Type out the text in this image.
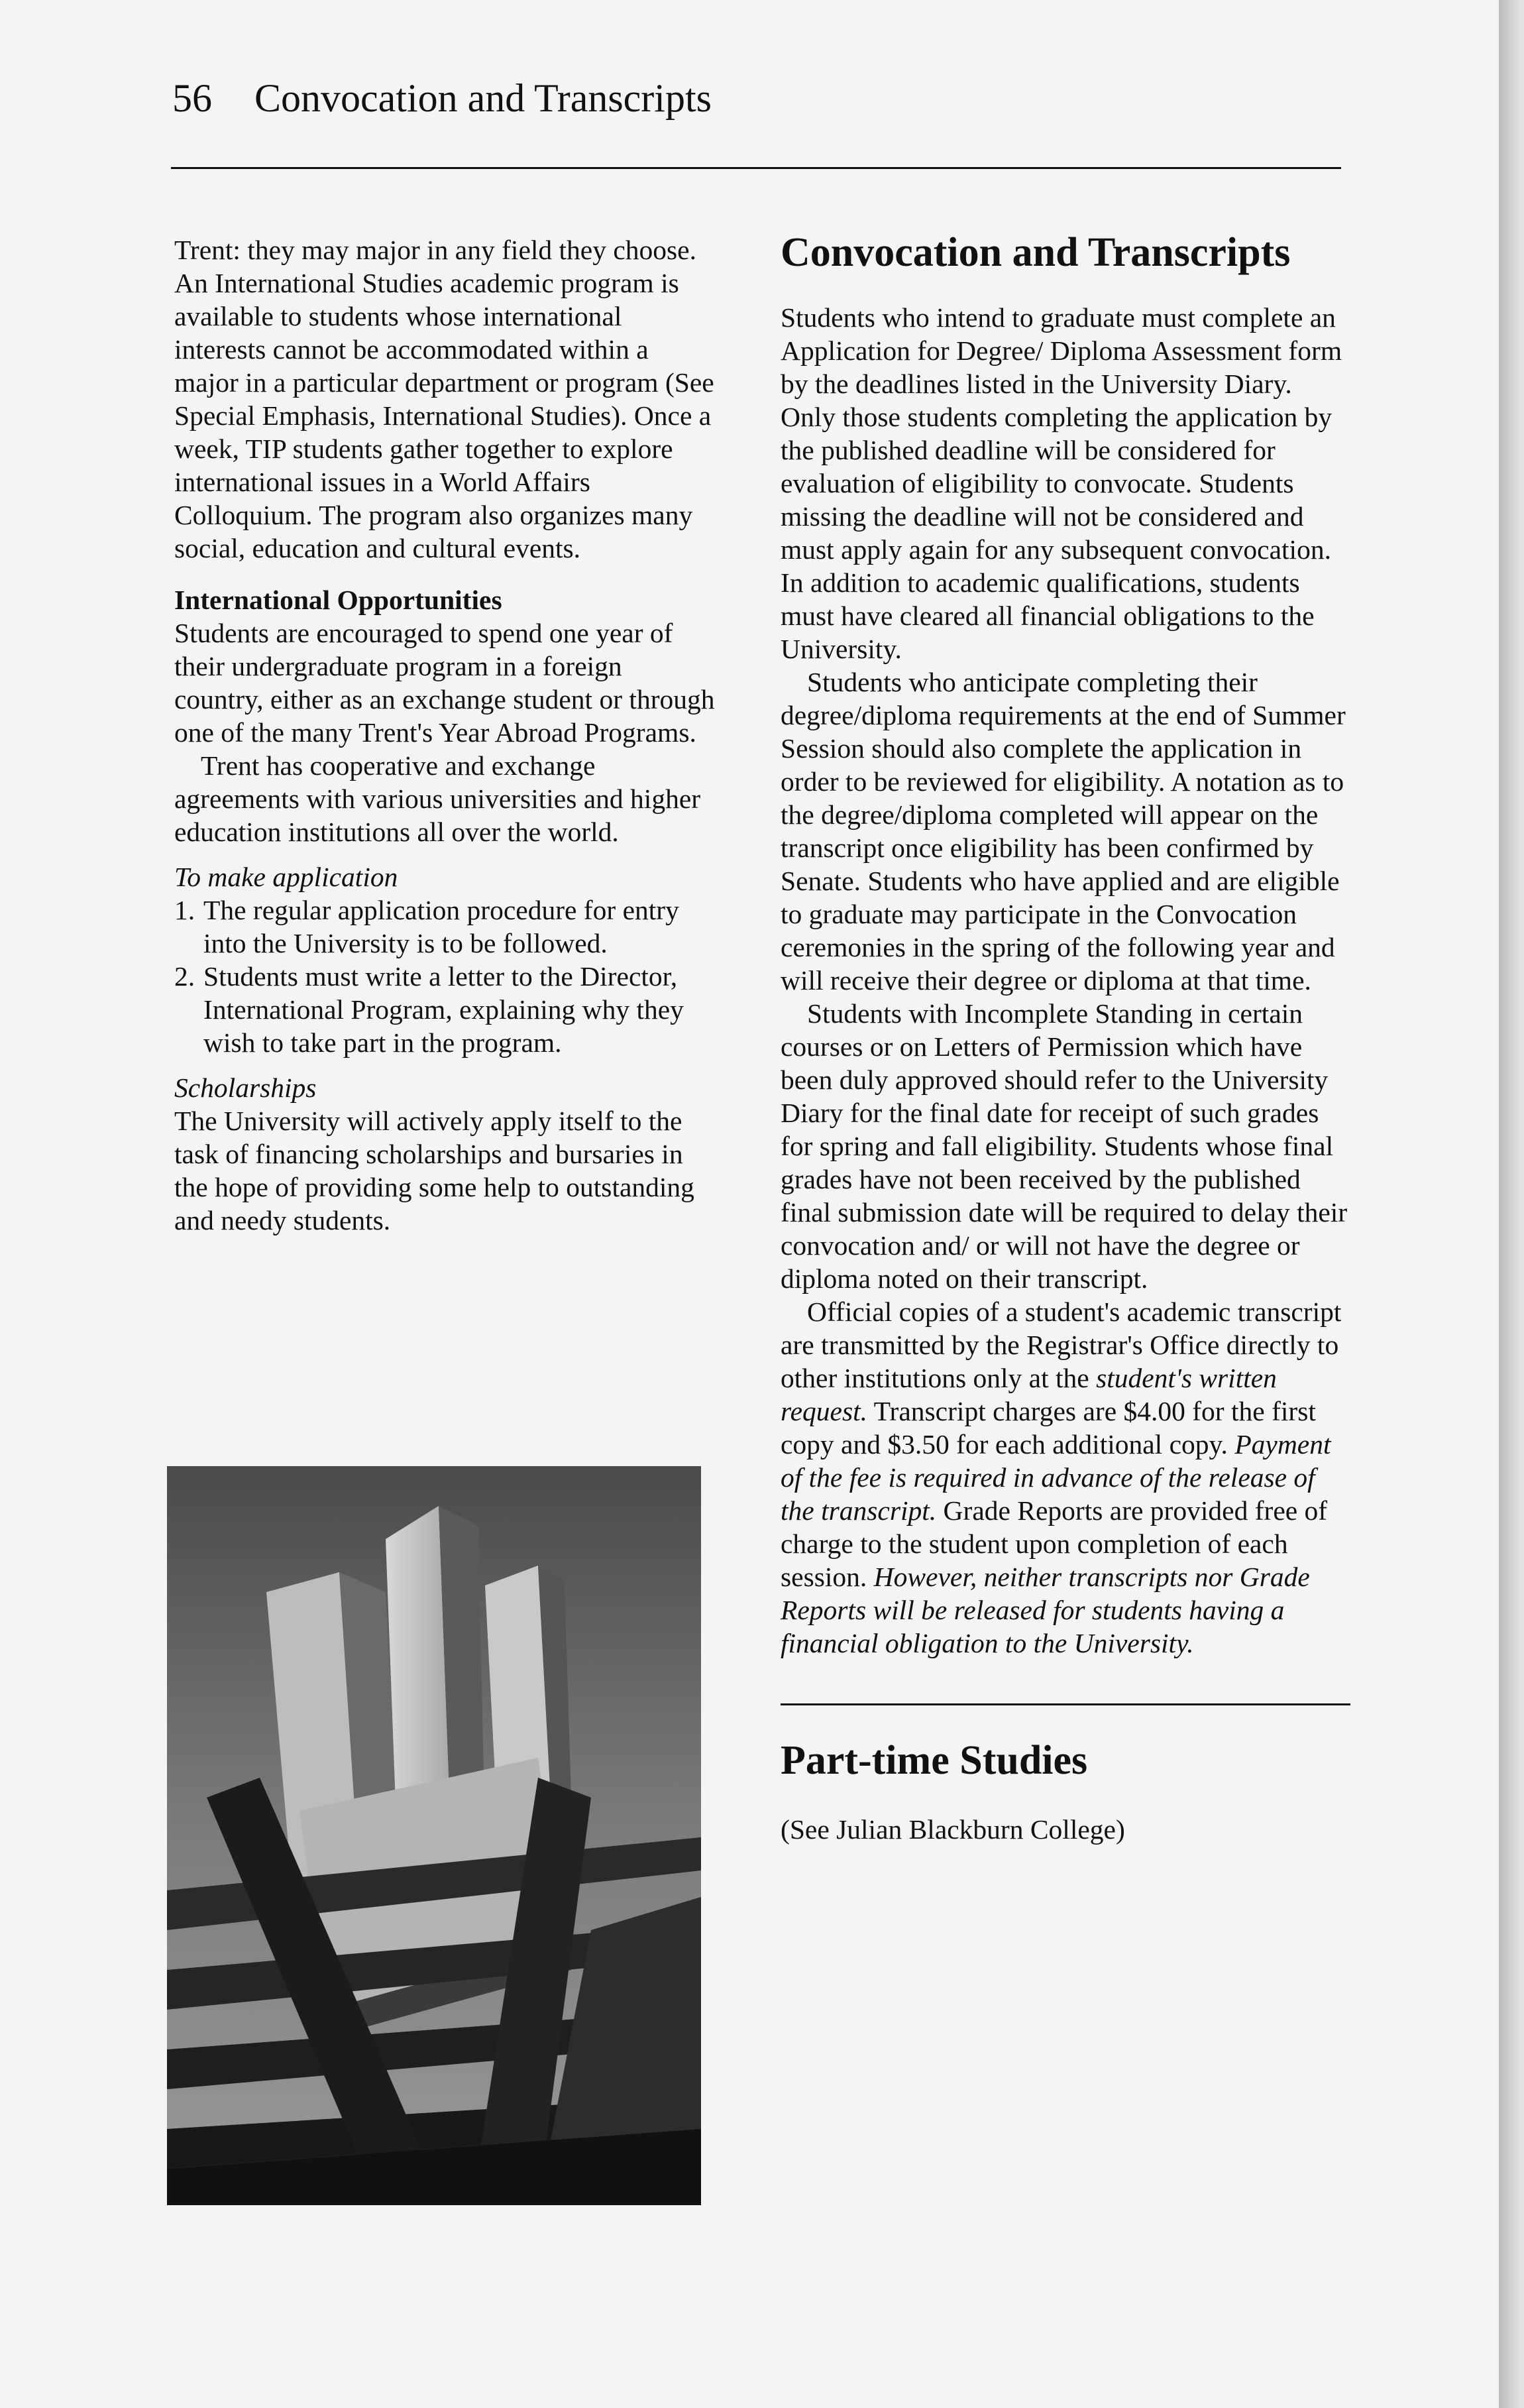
56 Convocation and Transcripts

Trent: they may major in any field they choose. An International Studies academic program is available to students whose international interests cannot be accommodated within a major in a particular department or program (See Special Emphasis, International Studies). Once a week, TIP students gather together to explore international issues in a World Affairs Colloquium. The program also organizes many social, education and cultural events.

International Opportunities

Students are encouraged to spend one year of their undergraduate program in a foreign country, either as an exchange student or through one of the many Trent's Year Abroad Programs.

Trent has cooperative and exchange agreements with various universities and higher education institutions all over the world.

To make application

1. The regular application procedure for entry into the University is to be followed.
2. Students must write a letter to the Director, International Program, explaining why they wish to take part in the program.

Scholarships

The University will actively apply itself to the task of financing scholarships and bursaries in the hope of providing some help to outstanding and needy students.

Convocation and Transcripts

Students who intend to graduate must complete an Application for Degree/ Diploma Assessment form by the deadlines listed in the University Diary. Only those students completing the application by the published deadline will be considered for evaluation of eligibility to convocate. Students missing the deadline will not be considered and must apply again for any subsequent convocation. In addition to academic qualifications, students must have cleared all financial obligations to the University.

Students who anticipate completing their degree/diploma requirements at the end of Summer Session should also complete the application in order to be reviewed for eligibility. A notation as to the degree/diploma completed will appear on the transcript once eligibility has been confirmed by Senate. Students who have applied and are eligible to graduate may participate in the Convocation ceremonies in the spring of the following year and will receive their degree or diploma at that time.

Students with Incomplete Standing in certain courses or on Letters of Permission which have been duly approved should refer to the University Diary for the final date for receipt of such grades for spring and fall eligibility. Students whose final grades have not been received by the published final submission date will be required to delay their convocation and/ or will not have the degree or diploma noted on their transcript.

Official copies of a student's academic transcript are transmitted by the Registrar's Office directly to other institutions only at the student's written request. Transcript charges are $4.00 for the first copy and $3.50 for each additional copy. Payment of the fee is required in advance of the release of the transcript. Grade Reports are provided free of charge to the student upon completion of each session. However, neither transcripts nor Grade Reports will be released for students having a financial obligation to the University.

Part-time Studies

(See Julian Blackburn College)
